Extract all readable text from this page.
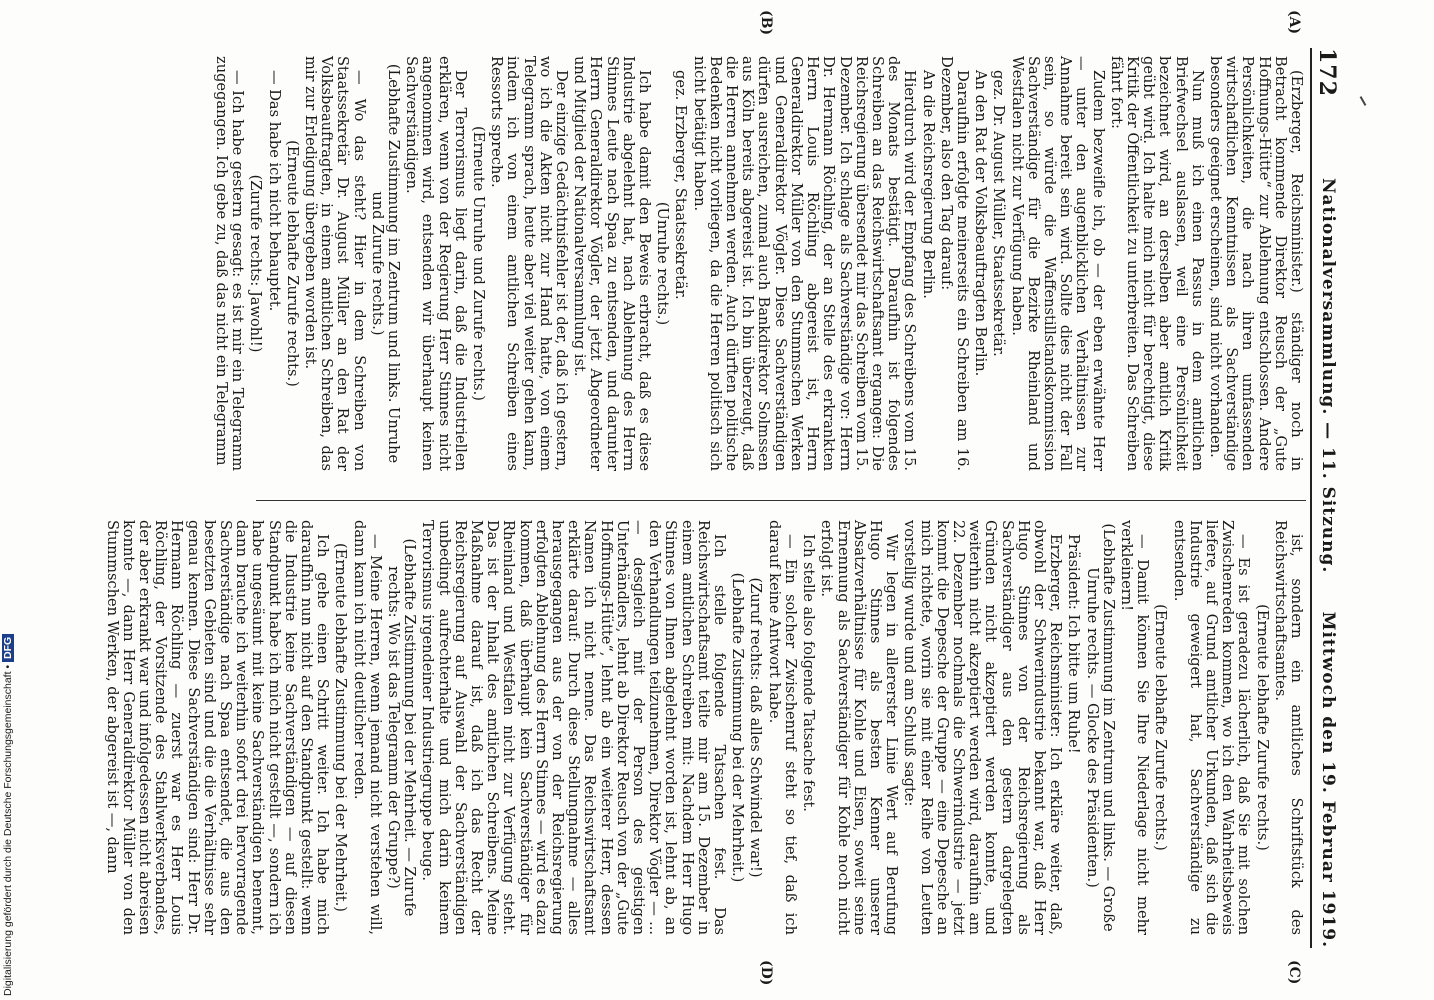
172
Nationalversammlung. — 11. Sitzung.
Mittwoch den 19. Februar 1919.
(A)
(B)
(C)
(D)

(Erzberger, Reichsminister.) ständiger noch in Betracht kommende Direktor Reusch der „Gute Hoffnungs-Hütte“ zur Ablehnung entschlossen. Andere Persönlichkeiten, die nach ihren umfassenden wirtschaftlichen Kenntnissen als Sachverständige besonders geeignet erscheinen, sind nicht vorhanden.

Nun muß ich einen Passus in dem amtlichen Briefwechsel auslassen, weil eine Persönlichkeit bezeichnet wird, an derselben aber amtlich Kritik geübt wird. Ich halte mich nicht für berechtigt, diese Kritik der Öffentlichkeit zu unterbreiten. Das Schreiben fährt fort:

Zudem bezweifle ich, ob — der eben erwähnte Herr — unter den augenblicklichen Verhältnissen zur Annahme bereit sein wird. Sollte dies nicht der Fall sein, so würde die Waffenstillstandskommission Sachverständige für die Bezirke Rheinland und Westfalen nicht zur Verfügung haben.

gez. Dr. August Müller, Staatssekretär.

An den Rat der Volksbeauftragten Berlin.

Daraufhin erfolgte meinerseits ein Schreiben am 16. Dezember, also den Tag darauf:

An die Reichsregierung Berlin.

Hierdurch wird der Empfang des Schreibens vom 15. des Monats bestätigt. Daraufhin ist folgendes Schreiben an das Reichswirtschaftsamt ergangen: Die Reichsregierung übersendet mir das Schreiben vom 15. Dezember. Ich schlage als Sachverständige vor: Herrn Dr. Hermann Röchling, der an Stelle des erkrankten Herrn Louis Röchling abgereist ist, Herrn Generaldirektor Müller von den Stummschen Werken und Generaldirektor Vögler. Diese Sachverständigen dürfen ausreichen, zumal auch Bankdirektor Solmssen aus Köln bereits abgereist ist. Ich bin überzeugt, daß die Herren annehmen werden. Auch dürften politische Bedenken nicht vorliegen, da die Herren politisch sich nicht betätigt haben.

gez. Erzberger, Staatssekretär.

(Unruhe rechts.)

Ich habe damit den Beweis erbracht, daß es diese Industrie abgelehnt hat, nach Ablehnung des Herrn Stinnes Leute nach Spaa zu entsenden, und darunter Herrn Generaldirektor Vögler, der jetzt Abgeordneter und Mitglied der Nationalversammlung ist.

Der einzige Gedächtnisfehler ist der, daß ich gestern, wo ich die Akten nicht zur Hand hatte, von einem Telegramm sprach, heute aber viel weiter gehen kann, indem ich von einem amtlichen Schreiben eines Ressorts spreche.

(Erneute Unruhe und Zurufe rechts.)

Der Terrorismus liegt darin, daß die Industriellen erklären, wenn von der Regierung Herr Stinnes nicht angenommen wird, entsenden wir überhaupt keinen Sachverständigen.

(Lebhafte Zustimmung im Zentrum und links. Unruhe und Zurufe rechts.)

— Wo das steht? Hier in dem Schreiben von Staatssekretär Dr. August Müller an den Rat der Volksbeauftragten, in einem amtlichen Schreiben, das mir zur Erledigung übergeben worden ist.

(Erneute lebhafte Zurufe rechts.)

— Das habe ich nicht behauptet.

(Zurufe rechts: Jawohl!)

— Ich habe gestern gesagt: es ist mir ein Telegramm zugegangen. Ich gebe zu, daß das nicht ein Telegramm

ist, sondern ein amtliches Schriftstück des Reichswirtschaftsamtes.

(Erneute lebhafte Zurufe rechts.)

— Es ist geradezu lächerlich, daß Sie mit solchen Zwischenreden kommen, wo ich den Wahrheitsbeweis liefere, auf Grund amtlicher Urkunden, daß sich die Industrie geweigert hat, Sachverständige zu entsenden.

(Erneute lebhafte Zurufe rechts.)

— Damit können Sie Ihre Niederlage nicht mehr verkleinern!

(Lebhafte Zustimmung im Zentrum und links. — Große Unruhe rechts. — Glocke des Präsidenten.)

Präsident: Ich bitte um Ruhe!

Erzberger, Reichsminister: Ich erkläre weiter, daß, obwohl der Schwerindustrie bekannt war, daß Herr Hugo Stinnes von der Reichsregierung als Sachverständiger aus den gestern dargelegten Gründen nicht akzeptiert werden konnte, und weiterhin nicht akzeptiert werden wird, daraufhin am 22. Dezember nochmals die Schwerindustrie — jetzt kommt die Depesche der Gruppe — eine Depesche an mich richtete, worin sie mit einer Reihe von Leuten vorstellig wurde und am Schluß sagte:

Wir legen in allererster Linie Wert auf Berufung Hugo Stinnes als besten Kenner unserer Absatzverhältnisse für Kohle und Eisen, soweit seine Ernennung als Sachverständiger für Kohle noch nicht erfolgt ist.

Ich stelle also folgende Tatsache fest.

— Ein solcher Zwischenruf steht so tief, daß ich darauf keine Antwort habe.

(Zuruf rechts: daß alles Schwindel war!)

(Lebhafte Zustimmung bei der Mehrheit.)

Ich stelle folgende Tatsachen fest. Das Reichswirtschaftsamt teilte mir am 15. Dezember in einem amtlichen Schreiben mit: Nachdem Herr Hugo Stinnes von Ihnen abgelehnt worden ist, lehnt ab, an den Verhandlungen teilzunehmen, Direktor Vögler — ... — desgleich mit der Person des geistigen Unterhändlers, lehnt ab Direktor Reusch von der „Gute Hoffnungs-Hütte“, lehnt ab ein weiterer Herr, dessen Namen ich nicht nenne. Das Reichswirtschaftsamt erklärte darauf: Durch diese Stellungnahme — alles herausgegangen aus der von der Reichsregierung erfolgten Ablehnung des Herrn Stinnes — wird es dazu kommen, daß überhaupt kein Sachverständiger für Rheinland und Westfalen nicht zur Verfügung steht. Das ist der Inhalt des amtlichen Schreibens. Meine Maßnahme darauf ist, daß ich das Recht der Reichsregierung auf Auswahl der Sachverständigen unbedingt aufrechterhalte und mich darin keinem Terrorismus irgendeiner Industriegruppe beuge.

(Lebhafte Zustimmung bei der Mehrheit. — Zurufe rechts: Wo ist das Telegramm der Gruppe?)

— Meine Herren, wenn jemand nicht verstehen will, dann kann ich nicht deutlicher reden.

(Erneute lebhafte Zustimmung bei der Mehrheit.)

Ich gehe einen Schritt weiter. Ich habe mich daraufhin nun nicht auf den Standpunkt gestellt: wenn die Industrie keine Sachverständigen — auf diesen Standpunkt habe ich mich nicht gestellt —, sondern ich habe ungesäumt mit keine Sachverständigen benennt, dann brauche ich weiterhin sofort drei hervorragende Sachverständige nach Spaa entsendet, die aus den besetzten Gebieten sind und die die Verhältnisse sehr genau kennen. Diese Sachverständigen sind: Herr Dr. Hermann Röchling — zuerst war es Herr Louis Röchling, der Vorsitzende des Stahlwerksverbandes, der aber erkrankt war und infolgedessen nicht abreisen konnte —, dann Herr Generaldirektor Müller von den Stummschen Werken, der abgereist ist —, dann

Digitalisierung gefördert durch die Deutsche Forschungsgemeinschaft • DFG
